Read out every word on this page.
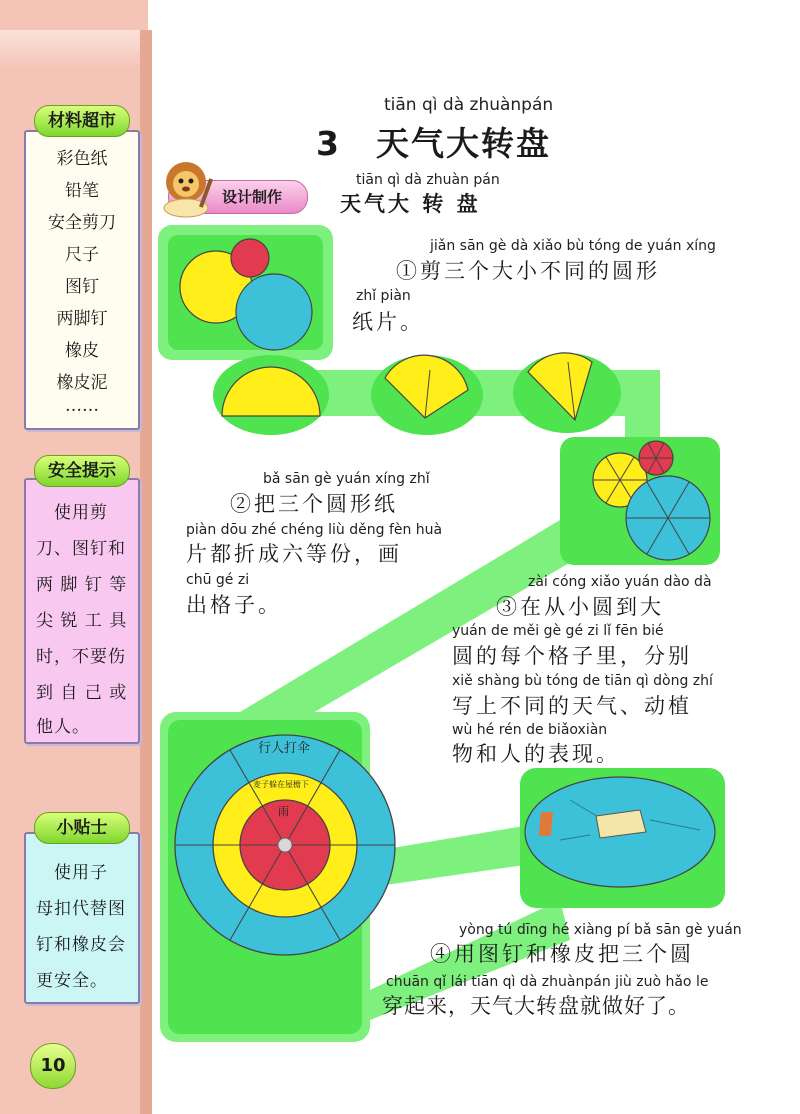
彩色纸
铅笔
安全剪刀
尺子
图钉
两脚钉
橡皮
橡皮泥
……
材料超市
　使用剪
刀、图钉和
两 脚 钉 等
尖 锐 工 具
时，不要伤
到 自 己 或
他人。
安全提示
　使用子
母扣代替图
钉和橡皮会
更安全。
小贴士
10
tiān qì dà zhuànpán
3　天气大转盘
设计制作
tiān qì dà zhuàn pán
天气大 转 盘
行人打伞
麦子躲在屋檐下
雨
jiǎn sān gè dà xiǎo bù tóng de yuán xíng
①剪三个大小不同的圆形
zhǐ piàn
纸片。
bǎ sān gè yuán xíng zhǐ
②把三个圆形纸
piàn dōu zhé chéng liù děng fèn huà
片都折成六等份，画
chū gé zi
出格子。
zài cóng xiǎo yuán dào dà
③在从小圆到大
yuán de měi gè gé zi lǐ fēn bié
圆的每个格子里，分别
xiě shàng bù tóng de tiān qì dòng zhí
写上不同的天气、动植
wù hé rén de biǎoxiàn
物和人的表现。
yòng tú dīng hé xiàng pí bǎ sān gè yuán
④用图钉和橡皮把三个圆
chuān qǐ lái tiān qì dà zhuànpán jiù zuò hǎo le
穿起来，天气大转盘就做好了。
